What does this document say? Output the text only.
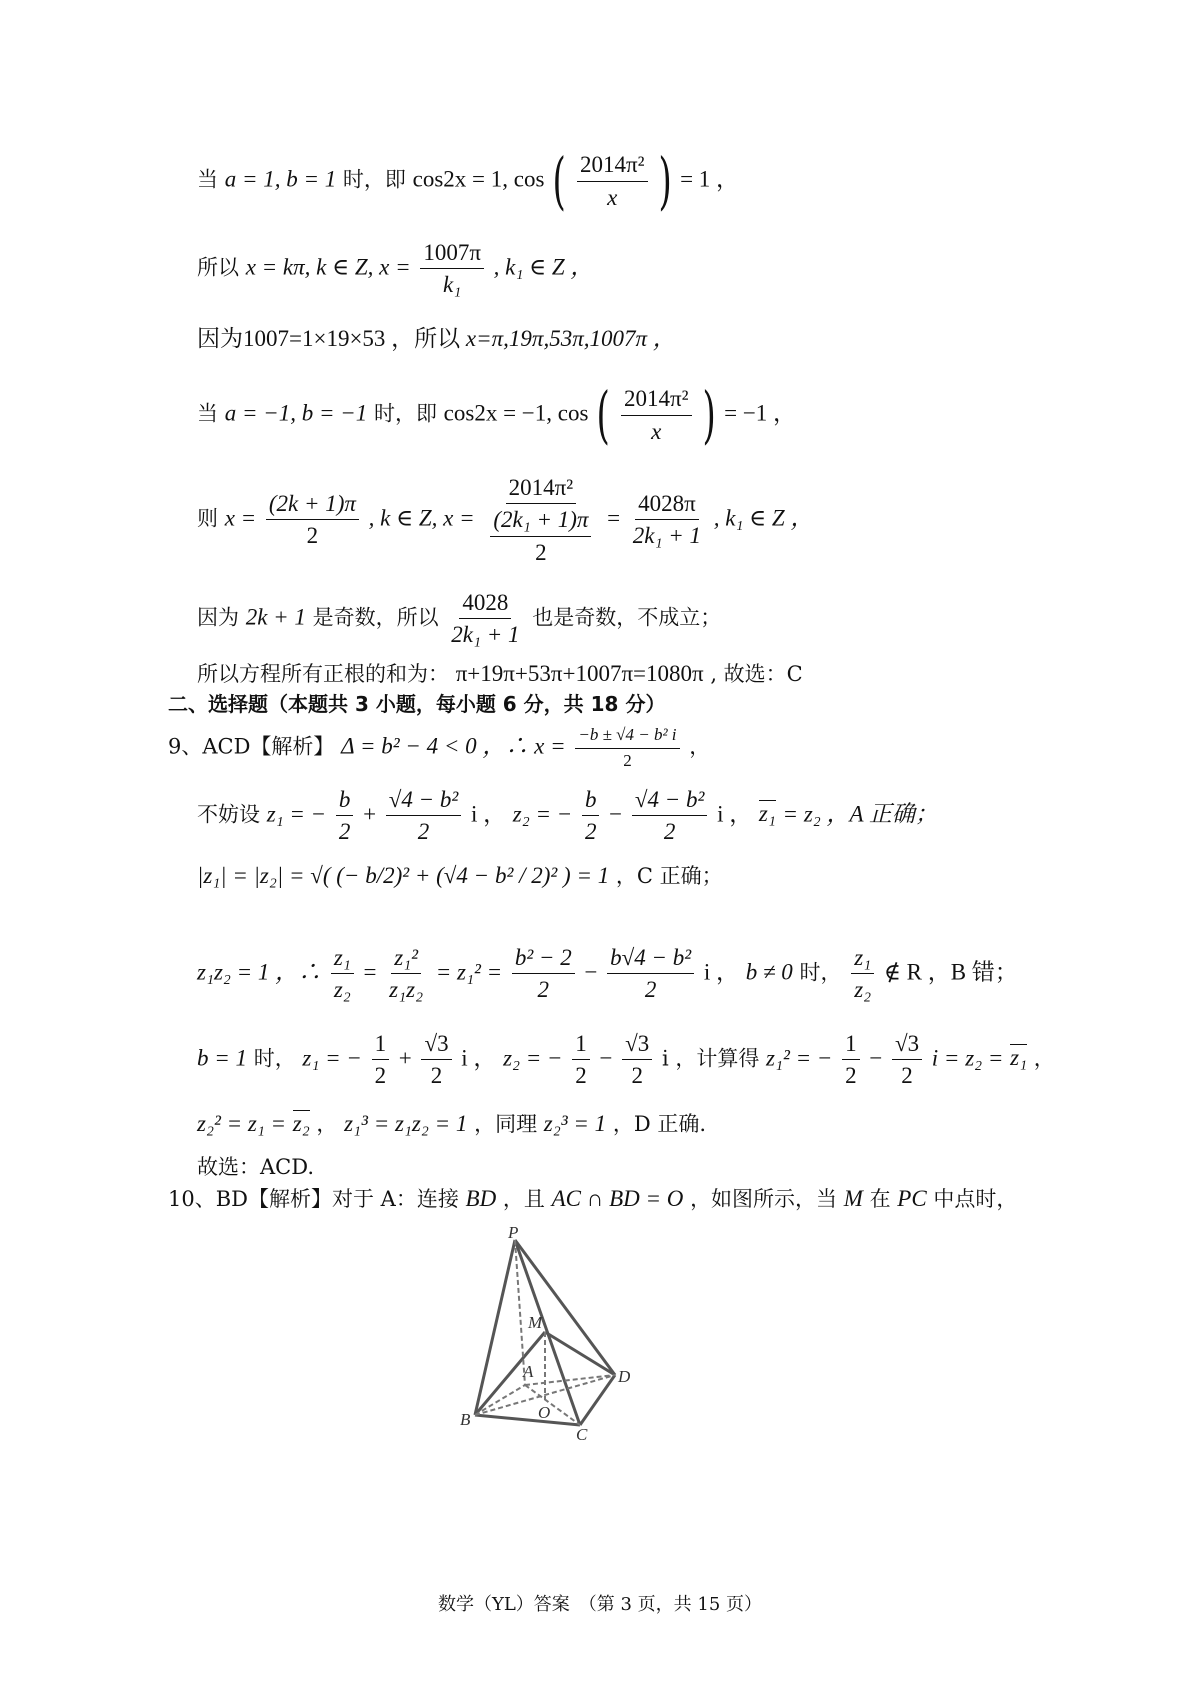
当 a = 1, b = 1 时，即 cos2x = 1, cos ( $\frac{\text{2014π²}}{x}$ ) = 1 ，
所以 x = kπ, k ∈ Z, $x = \frac{1007\pi}{\text{k₁}}$ , k₁ ∈ Z ，
因为1007=1×19×53 ，所以 x=π,19π,53π,1007π ，
当 a = −1, b = −1 时，即 cos2x = −1, cos ( $\frac{\text{2014π²}}{x}$ ) = −1 ，
则 $x = \frac{(2k + 1)\pi}{2}$ , k ∈ Z, $x = \frac{\text{2014π²}}{\frac{\text{(2k₁ + 1)π}}{2}} = \frac{4028\pi}{\text{2k₁ + 1}}$ , k₁ ∈ Z ，
因为 2k + 1 是奇数，所以 $\frac{4028}{\text{2k₁ + 1}}$ 也是奇数，不成立；
所以方程所有正根的和为： π+19π+53π+1007π=1080π , 故选：C
二、选择题（本题共 3 小题，每小题 6 分，共 18 分）
9、ACD【解析】 Δ = b² − 4 < 0 ，∴ $x = \frac{\text{−b ± √4 − b² i}}{2}$ ，
不妨设 z₁ = − $\frac{b}{2} + \frac{\text{√4 − b²}}{2}$ i ， z₂ = − $\frac{b}{2} - \frac{\text{√4 − b²}}{2}$ i ， z₁ = z₂ ，A 正确；
|z₁| = |z₂| = √( (− b/2)² + (√4 − b² / 2)² ) = 1 ，C 正确；
z₁z₂ = 1 ，∴ $\frac{\text{z₁}}{\text{z₂}} = \frac{\text{z₁²}}{\text{z₁z₂}} = z_1^2 = \frac{\text{b² − 2}}{2} - \frac{\text{b√4 − b²}}{2}$ i ， b ≠ 0 时， $\frac{\text{z₁}}{\text{z₂}}$ ∉ R ，B 错；
b = 1 时， z₁ = − $\frac{1}{2} + \frac{√3}{2}$ i ， z₂ = − $\frac{1}{2} - \frac{√3}{2}$ i ，计算得 z₁² = − $\frac{1}{2} - \frac{√3}{2}$ i = z₂ = z₁ ，
z₂² = z₁ = z₂ ， z₁³ = z₁z₂ = 1 ，同理 z₂³ = 1 ，D 正确.
故选：ACD.
10、BD【解析】对于 A：连接 BD ，且 AC ∩ BD = O ，如图所示，当 M 在 PC 中点时，
P
M
A
O
B
C
D
数学（YL）答案　（第 3 页，共 15 页）
